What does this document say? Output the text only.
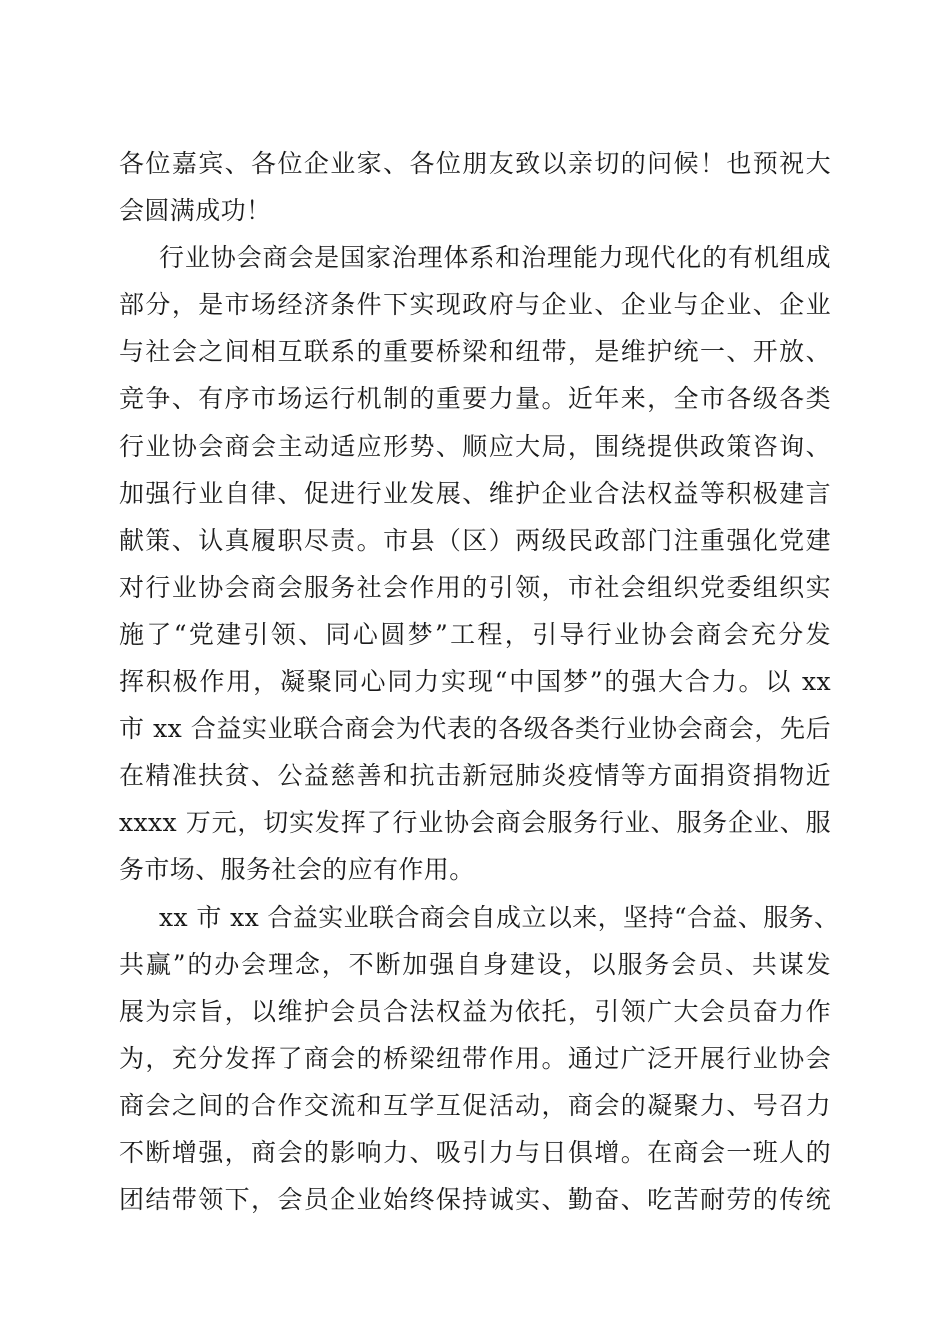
各位嘉宾、各位企业家、各位朋友致以亲切的问候！也预祝大
会圆满成功！
行业协会商会是国家治理体系和治理能力现代化的有机组成
部分，是市场经济条件下实现政府与企业、企业与企业、企业
与社会之间相互联系的重要桥梁和纽带，是维护统一、开放、
竞争、有序市场运行机制的重要力量。近年来，全市各级各类
行业协会商会主动适应形势、顺应大局，围绕提供政策咨询、
加强行业自律、促进行业发展、维护企业合法权益等积极建言
献策、认真履职尽责。市县（区）两级民政部门注重强化党建
对行业协会商会服务社会作用的引领，市社会组织党委组织实
施了“党建引领、同心圆梦”工程，引导行业协会商会充分发
挥积极作用，凝聚同心同力实现“中国梦”的强大合力。以 xx
市 xx 合益实业联合商会为代表的各级各类行业协会商会，先后
在精准扶贫、公益慈善和抗击新冠肺炎疫情等方面捐资捐物近
xxxx 万元，切实发挥了行业协会商会服务行业、服务企业、服
务市场、服务社会的应有作用。
xx 市 xx 合益实业联合商会自成立以来，坚持“合益、服务、
共赢”的办会理念，不断加强自身建设，以服务会员、共谋发
展为宗旨，以维护会员合法权益为依托，引领广大会员奋力作
为，充分发挥了商会的桥梁纽带作用。通过广泛开展行业协会
商会之间的合作交流和互学互促活动，商会的凝聚力、号召力
不断增强，商会的影响力、吸引力与日俱增。在商会一班人的
团结带领下，会员企业始终保持诚实、勤奋、吃苦耐劳的传统
